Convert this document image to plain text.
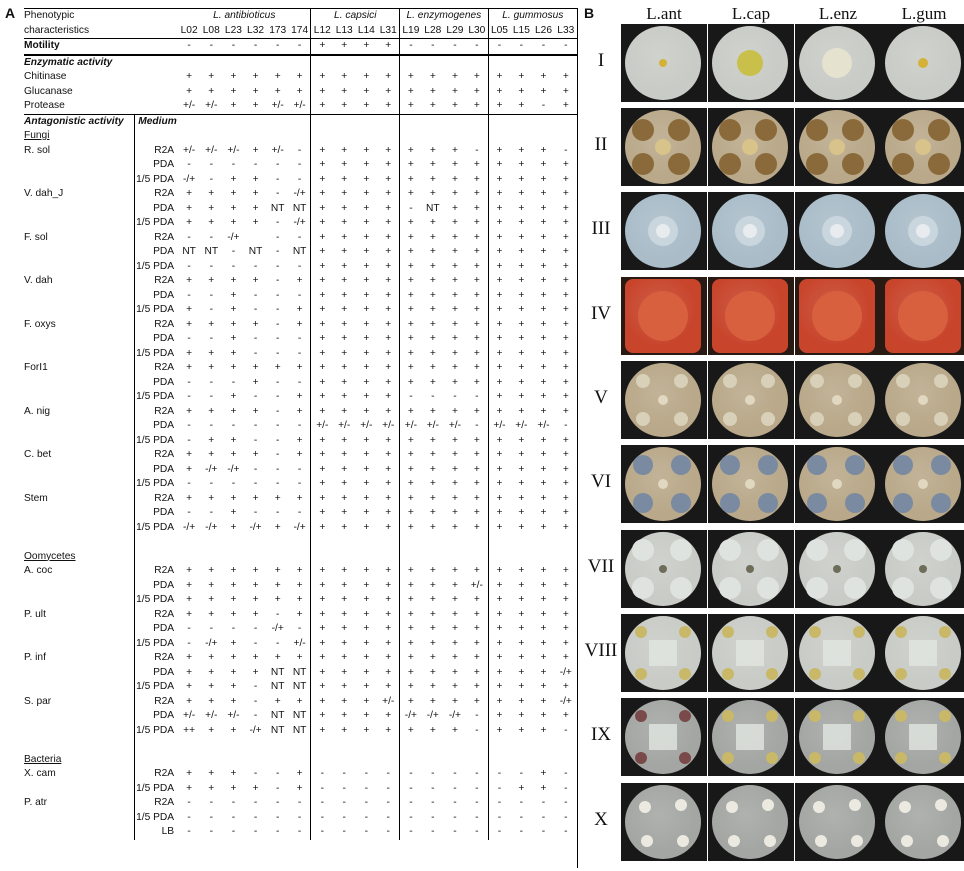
A Phenotypic		L. antibioticus						L. capsici				L. enzymogenes				L. gummosus			
characteristics		L02	L08	L23	L32	173	174	L12	L13	L14	L31	L19	L28	L29	L30	L05	L15	L26	L33
Motility		-	-	-	-	-	-	+	+	+	+	-	-	-	-	-	-	-	-
Enzymatic activity																			
Chitinase		+	+	+	+	+	+	+	+	+	+	+	+	+	+	+	+	+	+
Glucanase		+	+	+	+	+	+	+	+	+	+	+	+	+	+	+	+	+	+
Protease		+/-	+/-	+	+	+/-	+/-	+	+	+	+	+	+	+	+	+	+	-	+
Antagonistic activity	Medium																		
Fungi																			
R. sol	R2A	+/-	+/-	+/-	+	+/-	-	+	+	+	+	+	+	+	-	+	+	+	-
	PDA	-	-	-	-	-	-	+	+	+	+	+	+	+	+	+	+	+	+
	1/5 PDA	-/+	-	+	+	-	-	+	+	+	+	+	+	+	+	+	+	+	+
V. dah_J	R2A	+	+	+	+	-	-/+	+	+	+	+	+	+	+	+	+	+	+	+
	PDA	+	+	+	+	NT	NT	+	+	+	+	-	NT	+	+	+	+	+	+
	1/5 PDA	+	+	+	+	-	-/+	+	+	+	+	+	+	+	+	+	+	+	+
F. sol	R2A	-	-	-/+		-	-	+	+	+	+	+	+	+	+	+	+	+	+
	PDA	NT	NT	-	NT	-	NT	+	+	+	+	+	+	+	+	+	+	+	+
	1/5 PDA	-	-	-	-	-	-	+	+	+	+	+	+	+	+	+	+	+	+
V. dah	R2A	+	+	+	+	-	+	+	+	+	+	+	+	+	+	+	+	+	+
	PDA	-	-	+	-	-	-	+	+	+	+	+	+	+	+	+	+	+	+
	1/5 PDA	+	-	+	-	-	+	+	+	+	+	+	+	+	+	+	+	+	+
F. oxys	R2A	+	+	+	+	-	+	+	+	+	+	+	+	+	+	+	+	+	+
	PDA	-	-	+	-	-	-	+	+	+	+	+	+	+	+	+	+	+	+
	1/5 PDA	+	+	+	-	-	-	+	+	+	+	+	+	+	+	+	+	+	+
ForI1	R2A	+	+	+	+	+	+	+	+	+	+	+	+	+	+	+	+	+	+
	PDA	-	-	-	+	-	-	+	+	+	+	+	+	+	+	+	+	+	+
	1/5 PDA	-	-	+	-	-	+	+	+	+	+	-	-	-	-	+	+	+	+
A. nig	R2A	+	+	+	+	-	+	+	+	+	+	+	+	+	+	+	+	+	+
	PDA	-	-	-	-	-	-	+/-	+/-	+/-	+/-	+/-	+/-	+/-	-	+/-	+/-	+/-	-
	1/5 PDA	-	+	+	-	-	+	+	+	+	+	+	+	+	+	+	+	+	+
C. bet	R2A	+	+	+	+	-	+	+	+	+	+	+	+	+	+	+	+	+	+
	PDA	+	-/+	-/+	-	-	-	+	+	+	+	+	+	+	+	+	+	+	+
	1/5 PDA	-	-	-	-	-	-	+	+	+	+	+	+	+	+	+	+	+	+
Stem	R2A	+	+	+	+	+	+	+	+	+	+	+	+	+	+	+	+	+	+
	PDA	-	-	+	-	-	-	+	+	+	+	+	+	+	+	+	+	+	+
	1/5 PDA	-/+	-/+	+	-/+	+	-/+	+	+	+	+	+	+	+	+	+	+	+	+

Oomycetes																			
A. coc	R2A	+	+	+	+	+	+	+	+	+	+	+	+	+	+	+	+	+	+
	PDA	+	+	+	+	+	+	+	+	+	+	+	+	+	+/-	+	+	+	+
	1/5 PDA	+	+	+	+	+	+	+	+	+	+	+	+	+	+	+	+	+	+
P. ult	R2A	+	+	+	+	-	+	+	+	+	+	+	+	+	+	+	+	+	+
	PDA	-	-	-	-	-/+	-	+	+	+	+	+	+	+	+	+	+	+	+
	1/5 PDA	-	-/+	+	-	-	+/-	+	+	+	+	+	+	+	+	+	+	+	+
P. inf	R2A	+	+	+	+	+	+	+	+	+	+	+	+	+	+	+	+	+	+
	PDA	+	+	+	+	NT	NT	+	+	+	+	+	+	+	+	+	+	+	-/+
	1/5 PDA	+	+	+	-	NT	NT	+	+	+	+	+	+	+	+	+	+	+	+
S. par	R2A	+	+	+	-	+	+	+	+	+	+/-	+	+	+	+	+	+	+	-/+
	PDA	+/-	+/-	+/-	-	NT	NT	+	+	+	+	-/+	-/+	-/+	-	+	+	+	+
	1/5 PDA	++	+	+	-/+	NT	NT	+	+	+	+	+	+	+	-	+	+	+	-

Bacteria																			
X. cam	R2A	+	+	+	-	-	+	-	-	-	-	-	-	-	-	-	-	+	-
	1/5 PDA	+	+	+	+	-	+	-	-	-	-	-	-	-	-	-	+	+	-
P. atr	R2A	-	-	-	-	-	-	-	-	-	-	-	-	-	-	-	-	-	-
	1/5 PDA	-	-	-	-	-	-	-	-	-	-	-	-	-	-	-	-	-	-
	LB	-	-	-	-	-	-	-	-	-	-	-	-	-	-	-	-	-	-
B	L.ant	L.cap	L.enz	L.gum
I
II
III
IV
V
VI
VII
VIII
IX
X
